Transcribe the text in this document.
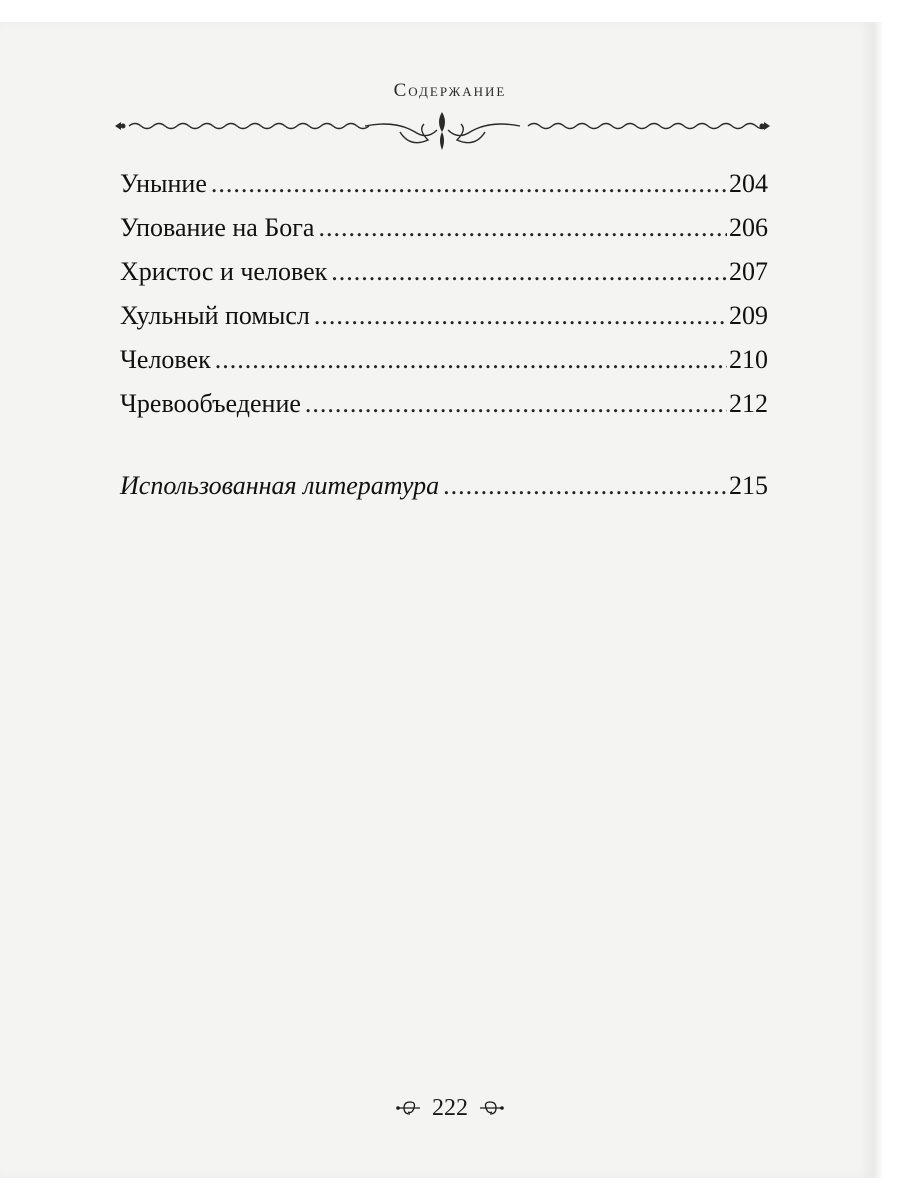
Содержание
Уныние .....	204
Упование на Бога .....	206
Христос и человек .....	207
Хульный помысл .....	209
Человек .....	210
Чревообъедение .....	212
Использованная литература .....	215
222
